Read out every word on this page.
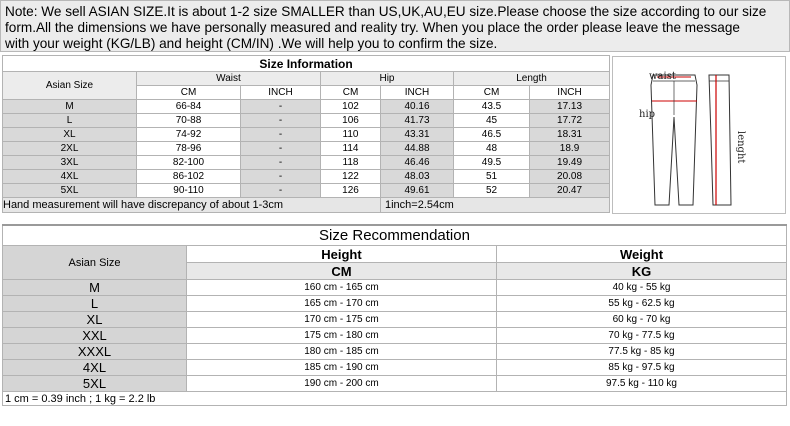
Note: We sell ASIAN SIZE.It is about 1-2 size SMALLER than US,UK,AU,EU size.Please choose the size according to our size
form.All the dimensions we have personally measured and reality try. When you place the order please leave the message
with your weight (KG/LB) and height (CM/IN) .We will help you to confirm the size.
Size Information						
Asian Size	Waist		Hip		Length	
	CM	INCH	CM	INCH	CM	INCH
M	66-84	-	102	40.16	43.5	17.13
L	70-88	-	106	41.73	45	17.72
XL	74-92	-	110	43.31	46.5	18.31
2XL	78-96	-	114	44.88	48	18.9
3XL	82-100	-	118	46.46	49.5	19.49
4XL	86-102	-	122	48.03	51	20.08
5XL	90-110	-	126	49.61	52	20.47
Hand measurement will have discrepancy of about 1-3cm				1inch=2.54cm		
waist
hip
lenght
Size Recommendation		
Asian Size	Height	Weight
	CM	KG
M	160 cm - 165 cm	40 kg - 55 kg
L	165 cm - 170 cm	55 kg - 62.5 kg
XL	170 cm - 175 cm	60 kg - 70 kg
XXL	175 cm - 180 cm	70 kg - 77.5 kg
XXXL	180 cm - 185 cm	77.5 kg - 85 kg
4XL	185 cm - 190 cm	85 kg - 97.5 kg
5XL	190 cm - 200 cm	97.5 kg - 110 kg
1 cm = 0.39 inch ; 1 kg = 2.2 lb		
